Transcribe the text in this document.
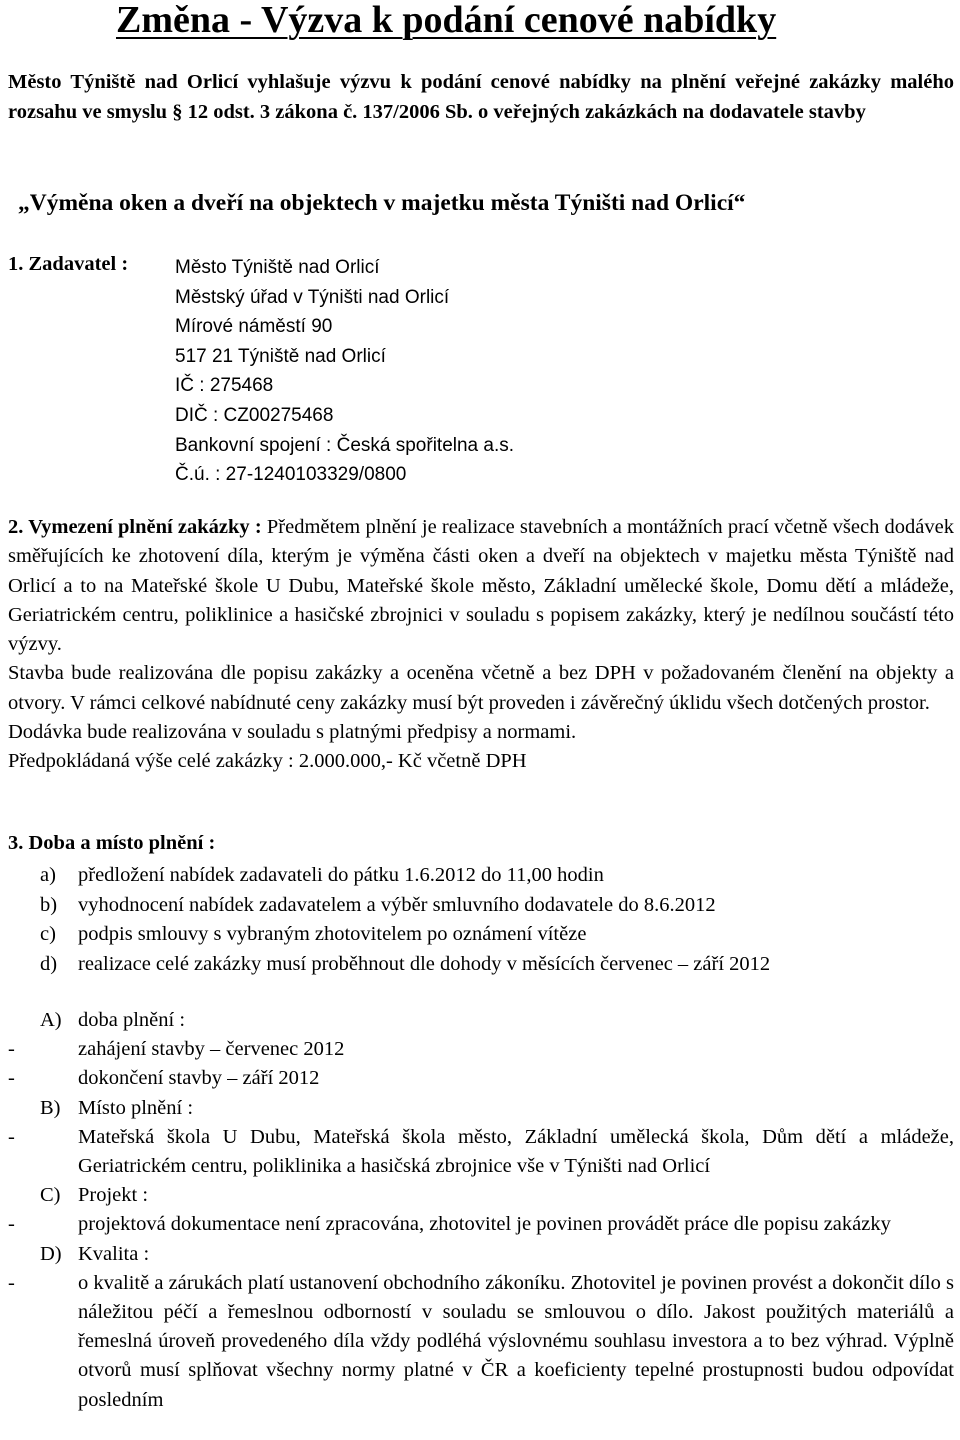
Změna - Výzva k podání cenové nabídky

Město Týniště nad Orlicí vyhlašuje výzvu k podání cenové nabídky na plnění veřejné zakázky malého rozsahu ve smyslu § 12 odst. 3 zákona č. 137/2006 Sb. o veřejných zakázkách na dodavatele stavby

„Výměna oken a dveří na objektech v majetku města Týništi nad Orlicí“

1. Zadavatel : Město Týniště nad Orlicí
Městský úřad v Týništi nad Orlicí
Mírové náměstí 90
517 21 Týniště nad Orlicí
IČ : 275468
DIČ : CZ00275468
Bankovní spojení : Česká spořitelna a.s.
Č.ú. : 27-1240103329/0800

2. Vymezení plnění zakázky : Předmětem plnění je realizace stavebních a montážních prací včetně všech dodávek směřujících ke zhotovení díla, kterým je výměna části oken a dveří na objektech v majetku města Týniště nad Orlicí a to na Mateřské škole U Dubu, Mateřské škole město, Základní umělecké škole, Domu dětí a mládeže, Geriatrickém centru, poliklinice a hasičské zbrojnici v souladu s popisem zakázky, který je nedílnou součástí této výzvy.

Stavba bude realizována dle popisu zakázky a oceněna včetně a bez DPH v požadovaném členění na objekty a otvory. V rámci celkové nabídnuté ceny zakázky musí být proveden i závěrečný úklidu všech dotčených prostor.

Dodávka bude realizována v souladu s platnými předpisy a normami.

Předpokládaná výše celé zakázky : 2.000.000,- Kč včetně DPH

3. Doba a místo plnění :
a) předložení nabídek zadavateli do pátku 1.6.2012 do 11,00 hodin
b) vyhodnocení nabídek zadavatelem a výběr smluvního dodavatele do 8.6.2012
c) podpis smlouvy s vybraným zhotovitelem po oznámení vítěze
d) realizace celé zakázky musí proběhnout dle dohody v měsících červenec – září 2012
A) doba plnění :
-	zahájení stavby – červenec 2012
-	dokončení stavby – září 2012
B) Místo plnění :
-	Mateřská škola U Dubu, Mateřská škola město, Základní umělecká škola, Dům dětí a mládeže, Geriatrickém centru, poliklinika a hasičská zbrojnice vše v Týništi nad Orlicí
C) Projekt :
-	projektová dokumentace není zpracována, zhotovitel je povinen provádět práce dle popisu zakázky
D) Kvalita :
-	o kvalitě a zárukách platí ustanovení obchodního zákoníku. Zhotovitel je povinen provést a dokončit dílo s náležitou péčí a řemeslnou odborností v souladu se smlouvou o dílo. Jakost použitých materiálů a řemeslná úroveň provedeného díla vždy podléhá výslovnému souhlasu investora a to bez výhrad. Výplně otvorů musí splňovat všechny normy platné v ČR a koeficienty tepelné prostupnosti budou odpovídat posledním
